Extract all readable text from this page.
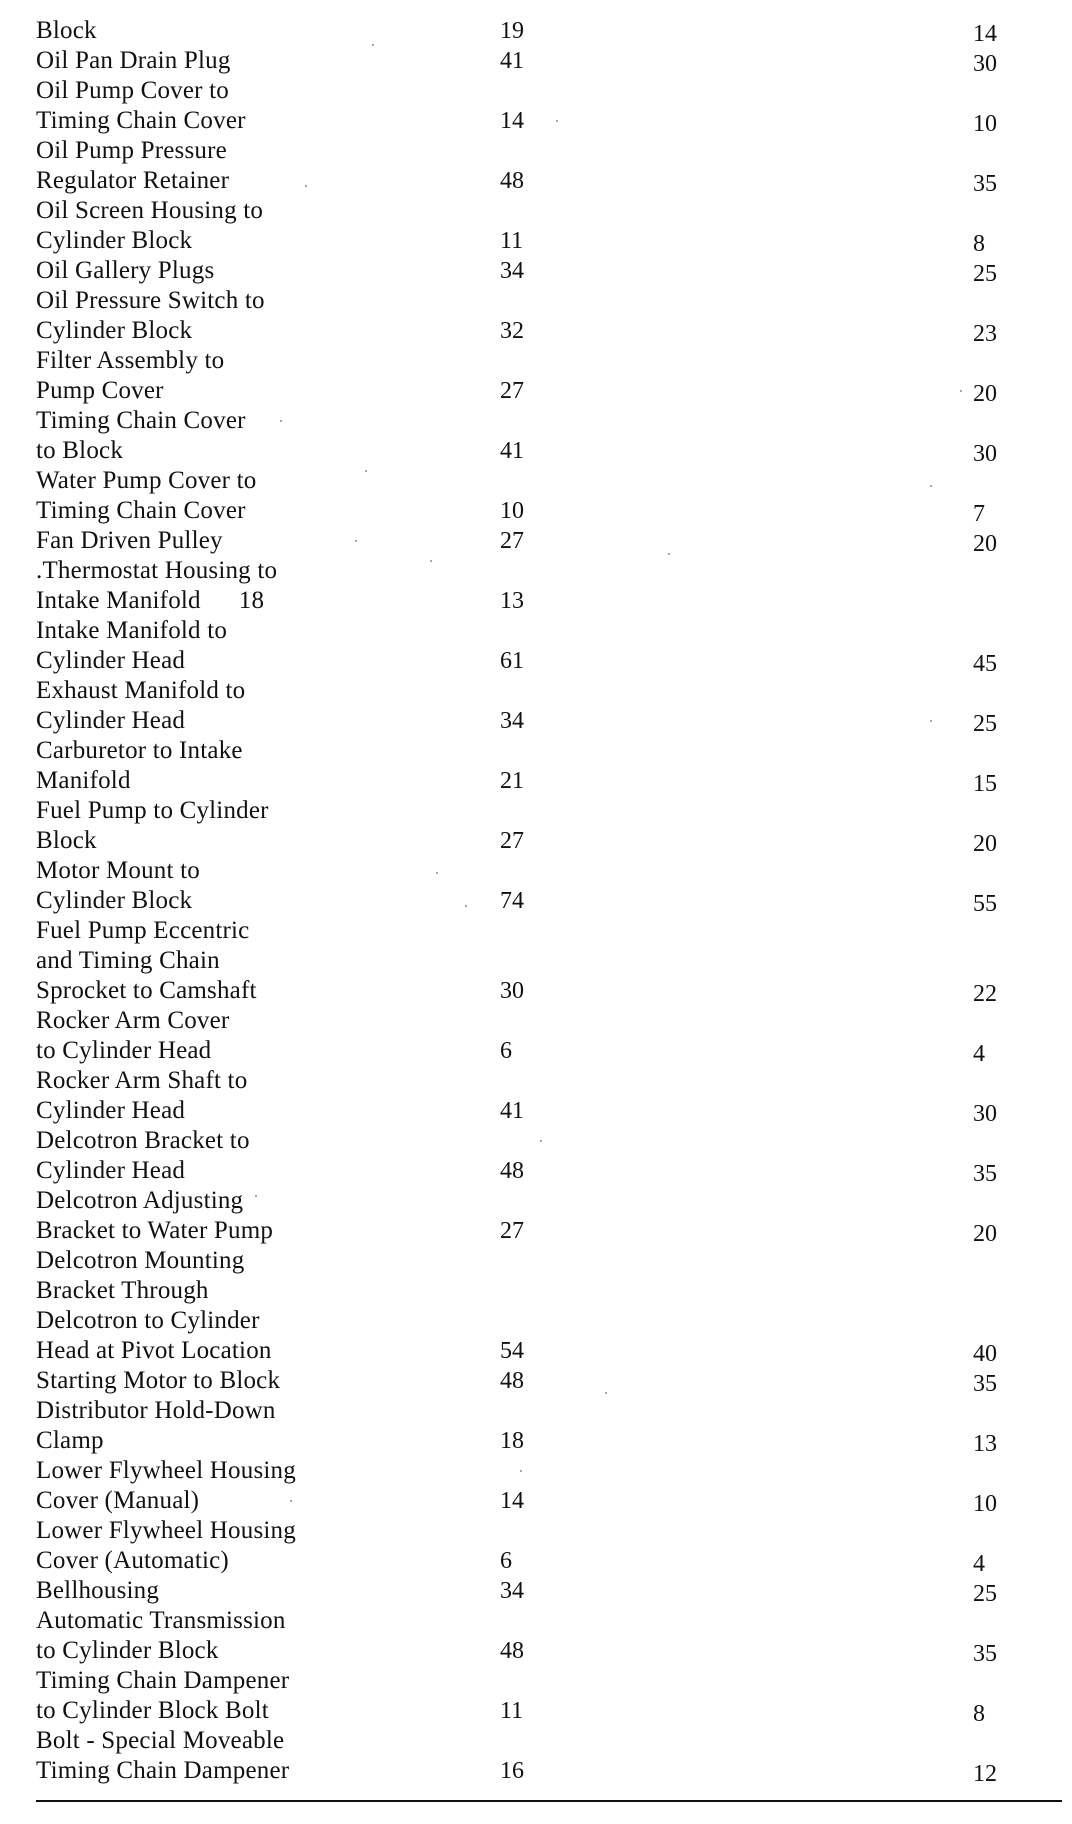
Block	19	14
Oil Pan Drain Plug	41	30
Oil Pump Cover to
Timing Chain Cover	14	10
Oil Pump Pressure
Regulator Retainer	48	35
Oil Screen Housing to
Cylinder Block	11	8
Oil Gallery Plugs	34	25
Oil Pressure Switch to
Cylinder Block	32	23
Filter Assembly to
Pump Cover	27	20
Timing Chain Cover
to Block	41	30
Water Pump Cover to
Timing Chain Cover	10	7
Fan Driven Pulley	27	20
.Thermostat Housing to
Intake Manifold 18	13
Intake Manifold to
Cylinder Head	61	45
Exhaust Manifold to
Cylinder Head	34	25
Carburetor to Intake
Manifold	21	15
Fuel Pump to Cylinder
Block	27	20
Motor Mount to
Cylinder Block	74	55
Fuel Pump Eccentric
and Timing Chain
Sprocket to Camshaft	30	22
Rocker Arm Cover
to Cylinder Head	6	4
Rocker Arm Shaft to
Cylinder Head	41	30
Delcotron Bracket to
Cylinder Head	48	35
Delcotron Adjusting
Bracket to Water Pump	27	20
Delcotron Mounting
Bracket Through
Delcotron to Cylinder
Head at Pivot Location	54	40
Starting Motor to Block	48	35
Distributor Hold-Down
Clamp	18	13
Lower Flywheel Housing
Cover (Manual)	14	10
Lower Flywheel Housing
Cover (Automatic)	6	4
Bellhousing	34	25
Automatic Transmission
to Cylinder Block	48	35
Timing Chain Dampener
to Cylinder Block Bolt	11	8
Bolt - Special Moveable
Timing Chain Dampener	16	12
